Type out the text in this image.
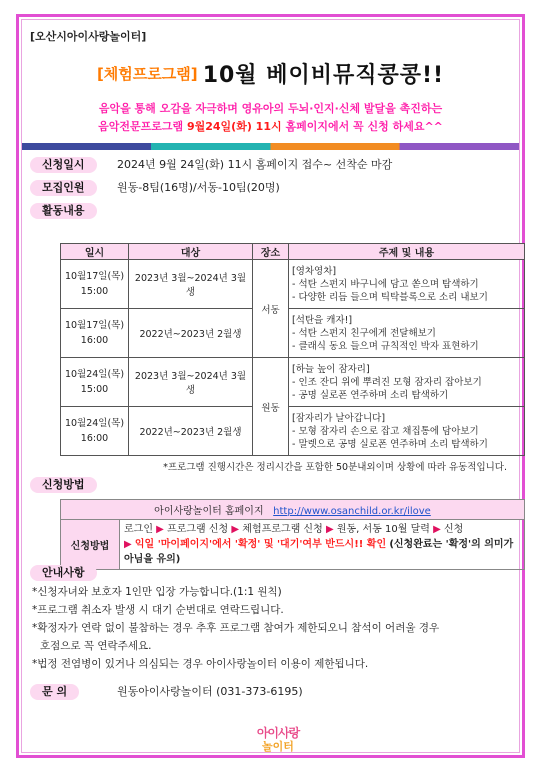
[오산시아이사랑놀이터]
[체험프로그램] 10월 베이비뮤직콩콩!!
음악을 통해 오감을 자극하며 영유아의 두뇌·인지·신체 발달을 촉진하는
음악전문프로그램 9월24일(화) 11시 홈페이지에서 꼭 신청 하세요^^
신청일시	2024년 9월 24일(화) 11시 홈페이지 접수~ 선착순 마감
모집인원	원동-8팀(16명)/서동-10팀(20명)
활동내용
일시	대상	장소	주제 및 내용
10월17일(목)
15:00	2023년 3월~2024년 3월생	서동	[영차영차]
- 석탄 스펀지 바구니에 담고 쏟으며 탐색하기
- 다양한 리듬 들으며 틱탁블록으로 소리 내보기

10월17일(목)
16:00	2022년~2023년 2월생		[석탄을 캐자!]
- 석탄 스펀지 친구에게 전달해보기
- 클래식 동요 들으며 규칙적인 박자 표현하기

10월24일(목)
15:00	2023년 3월~2024년 3월생	원동	[하늘 높이 잠자리]
- 인조 잔디 위에 뿌려진 모형 잠자리 잡아보기
- 공명 실로폰 연주하며 소리 탐색하기

10월24일(목)
16:00	2022년~2023년 2월생		[잠자리가 날아갑니다]
- 모형 잠자리 손으로 잡고 채집통에 담아보기
- 말렛으로 공명 실로폰 연주하며 소리 탐색하기
*프로그램 진행시간은 정리시간을 포함한 50분내외이며 상황에 따라 유동적입니다.
신청방법
아이사랑놀이터 홈페이지 http://www.osanchild.or.kr/ilove
신청방법	로그인 ▶ 프로그램 신청 ▶ 체험프로그램 신청 ▶ 원동, 서동 10월 달력 ▶ 신청
▶ 익일 '마이페이지'에서 '확정' 및 '대기'여부 반드시!! 확인 (신청완료는 '확정'의 의미가 아님을 유의)
안내사항
*신청자녀와 보호자 1인만 입장 가능합니다.(1:1 원칙)
*프로그램 취소자 발생 시 대기 순번대로 연락드립니다.
*확정자가 연락 없이 불참하는 경우 추후 프로그램 참여가 제한되오니 참석이 어려울 경우
호점으로 꼭 연락주세요.
*법정 전염병이 있거나 의심되는 경우 아이사랑놀이터 이용이 제한됩니다.
문 의	원동아이사랑놀이터 (031-373-6195)
아이사랑
놀이터
